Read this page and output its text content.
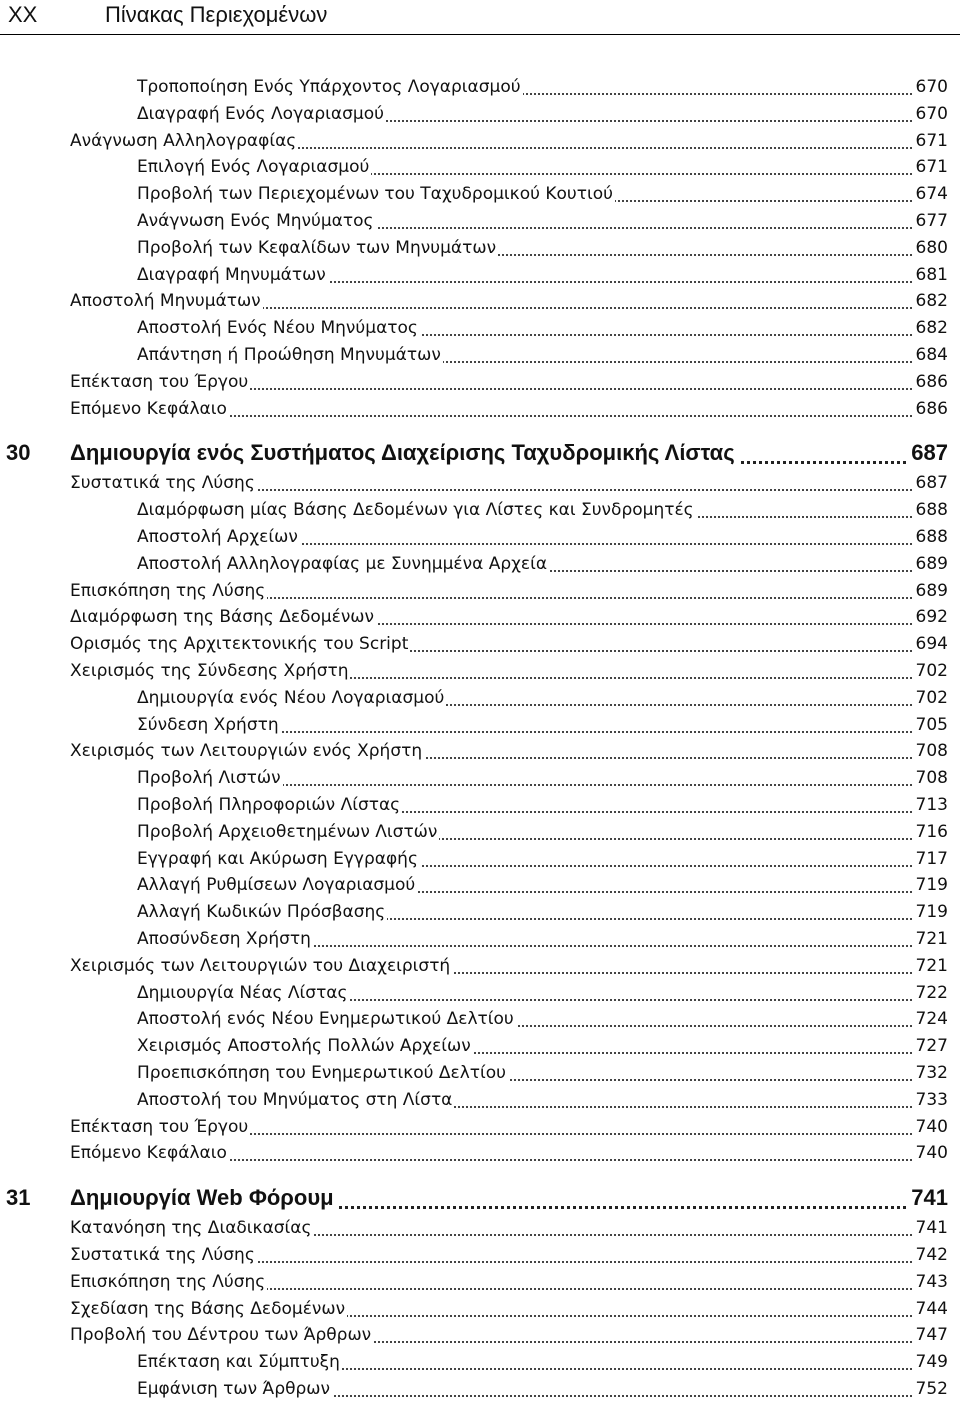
XX	Πίνακας Περιεχομένων
Τροποποίηση Ενός Υπάρχοντος Λογαριασμού	670
Διαγραφή Ενός Λογαριασμού	670
Ανάγνωση Αλληλογραφίας	671
Επιλογή Ενός Λογαριασμού	671
Προβολή των Περιεχομένων του Ταχυδρομικού Κουτιού	674
Ανάγνωση Ενός Μηνύματος	677
Προβολή των Κεφαλίδων των Μηνυμάτων	680
Διαγραφή Μηνυμάτων	681
Αποστολή Μηνυμάτων	682
Αποστολή Ενός Νέου Μηνύματος	682
Απάντηση ή Προώθηση Μηνυμάτων	684
Επέκταση του Έργου	686
Επόμενο Κεφάλαιο	686
30 Δημιουργία ενός Συστήματος Διαχείρισης Ταχυδρομικής Λίστας	687
Συστατικά της Λύσης	687
Διαμόρφωση μίας Βάσης Δεδομένων για Λίστες και Συνδρομητές	688
Αποστολή Αρχείων	688
Αποστολή Αλληλογραφίας με Συνημμένα Αρχεία	689
Επισκόπηση της Λύσης	689
Διαμόρφωση της Βάσης Δεδομένων	692
Ορισμός της Αρχιτεκτονικής του Script	694
Χειρισμός της Σύνδεσης Χρήστη	702
Δημιουργία ενός Νέου Λογαριασμού	702
Σύνδεση Χρήστη	705
Χειρισμός των Λειτουργιών ενός Χρήστη	708
Προβολή Λιστών	708
Προβολή Πληροφοριών Λίστας	713
Προβολή Αρχειοθετημένων Λιστών	716
Εγγραφή και Ακύρωση Εγγραφής	717
Αλλαγή Ρυθμίσεων Λογαριασμού	719
Αλλαγή Κωδικών Πρόσβασης	719
Αποσύνδεση Χρήστη	721
Χειρισμός των Λειτουργιών του Διαχειριστή	721
Δημιουργία Νέας Λίστας	722
Αποστολή ενός Νέου Ενημερωτικού Δελτίου	724
Χειρισμός Αποστολής Πολλών Αρχείων	727
Προεπισκόπηση του Ενημερωτικού Δελτίου	732
Αποστολή του Μηνύματος στη Λίστα	733
Επέκταση του Έργου	740
Επόμενο Κεφάλαιο	740
31 Δημιουργία Web Φόρουμ	741
Κατανόηση της Διαδικασίας	741
Συστατικά της Λύσης	742
Επισκόπηση της Λύσης	743
Σχεδίαση της Βάσης Δεδομένων	744
Προβολή του Δέντρου των Άρθρων	747
Επέκταση και Σύμπτυξη	749
Εμφάνιση των Άρθρων	752
